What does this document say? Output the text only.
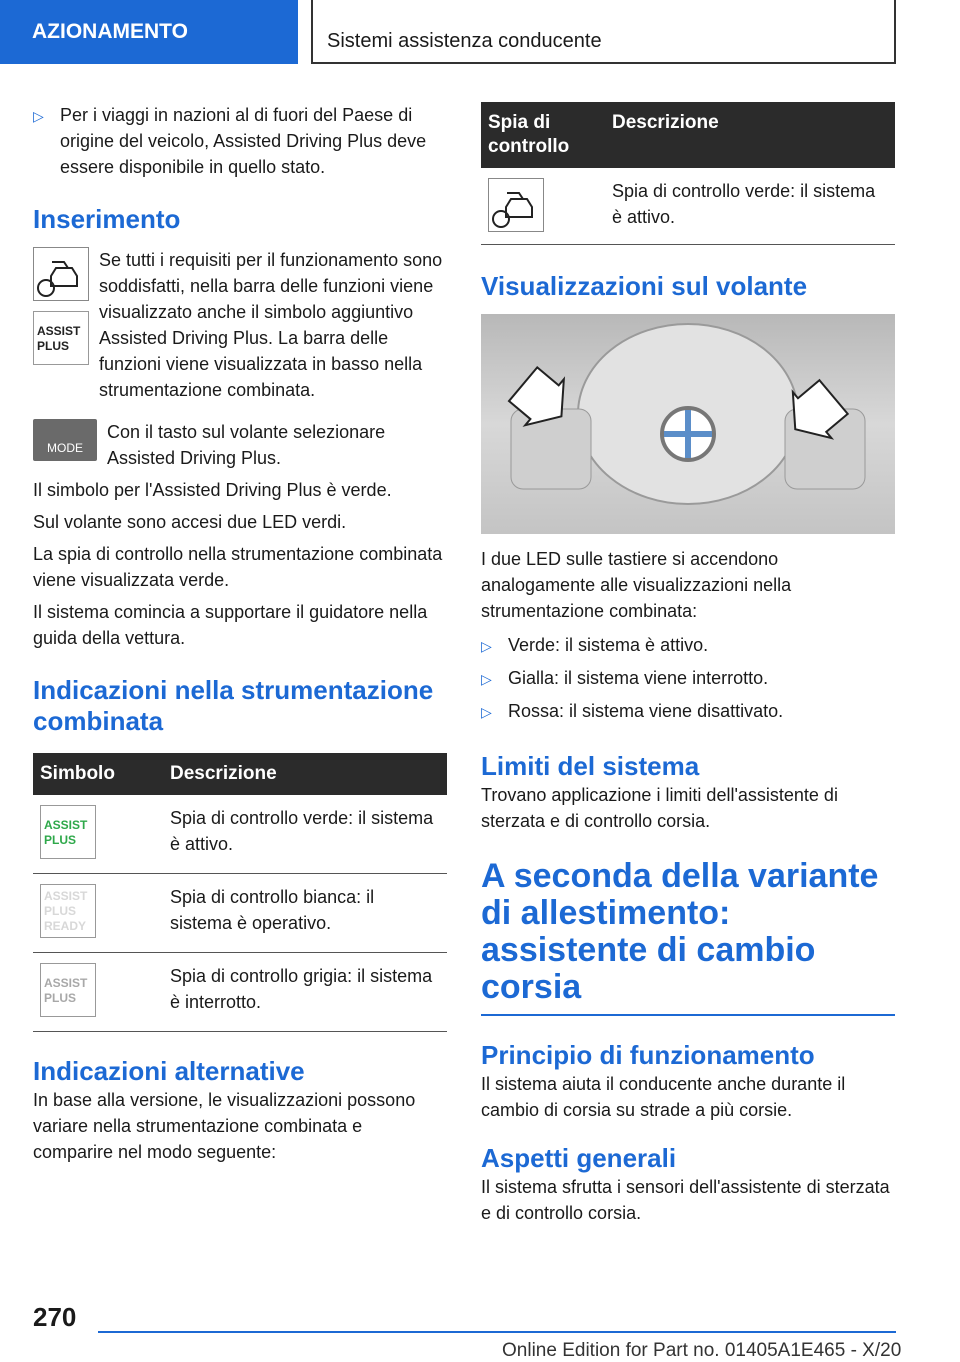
AZIONAMENTO	Sistemi assistenza conducente
▷ Per i viaggi in nazioni al di fuori del Paese di origine del veicolo, Assisted Driving Plus deve essere disponibile in quello stato.
Inserimento
ASSIST PLUS

Se tutti i requisiti per il funzionamento sono soddisfatti, nella barra delle funzioni viene visualizzato anche il simbolo aggiuntivo Assisted Driving Plus. La barra delle funzioni viene visualizzata in basso nella strumentazione combinata.

MODE

Con il tasto sul volante selezionare Assisted Driving Plus.

Il simbolo per l'Assisted Driving Plus è verde.

Sul volante sono accesi due LED verdi.

La spia di controllo nella strumentazione combinata viene visualizzata verde.

Il sistema comincia a supportare il guidatore nella guida della vettura.

Indicazioni nella strumentazione combinata
Simbolo	Descrizione

ASSIST PLUS	Spia di controllo verde: il sistema è attivo.

ASSIST PLUS READY	Spia di controllo bianca: il sistema è operativo.

ASSIST PLUS	Spia di controllo grigia: il sistema è interrotto.
Indicazioni alternative

In base alla versione, le visualizzazioni possono variare nella strumentazione combinata e comparire nel modo seguente:

Spia di controllo	Descrizione

	Spia di controllo verde: il sistema è attivo.
Visualizzazioni sul volante

I due LED sulle tastiere si accendono analogamente alle visualizzazioni nella strumentazione combinata:

▷ Verde: il sistema è attivo.
▷ Gialla: il sistema viene interrotto.
▷ Rossa: il sistema viene disattivato.
Limiti del sistema

Trovano applicazione i limiti dell'assistente di sterzata e di controllo corsia.

A seconda della variante di allestimento: assistente di cambio corsia
Principio di funzionamento

Il sistema aiuta il conducente anche durante il cambio di corsia su strade a più corsie.

Aspetti generali

Il sistema sfrutta i sensori dell'assistente di sterzata e di controllo corsia.

270
Online Edition for Part no. 01405A1E465 - X/20
